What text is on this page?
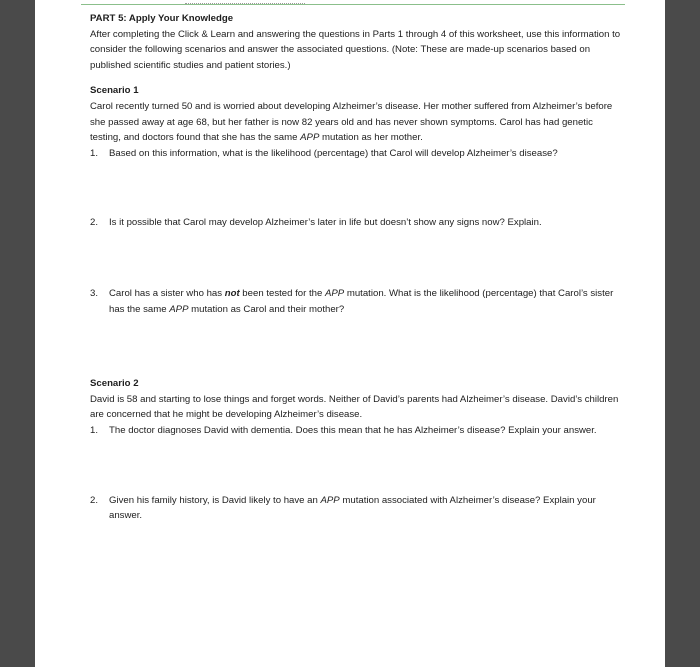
PART 5: Apply Your Knowledge

After completing the Click & Learn and answering the questions in Parts 1 through 4 of this worksheet, use this information to consider the following scenarios and answer the associated questions. (Note: These are made-up scenarios based on published scientific studies and patient stories.)

Scenario 1

Carol recently turned 50 and is worried about developing Alzheimer’s disease. Her mother suffered from Alzheimer’s before she passed away at age 68, but her father is now 82 years old and has never shown symptoms. Carol has had genetic testing, and doctors found that she has the same APP mutation as her mother.

1.	Based on this information, what is the likelihood (percentage) that Carol will develop Alzheimer’s disease?
2.	Is it possible that Carol may develop Alzheimer’s later in life but doesn’t show any signs now? Explain.
3.	Carol has a sister who has not been tested for the APP mutation. What is the likelihood (percentage) that Carol’s sister has the same APP mutation as Carol and their mother?

Scenario 2

David is 58 and starting to lose things and forget words. Neither of David’s parents had Alzheimer’s disease. David’s children are concerned that he might be developing Alzheimer’s disease.

1.	The doctor diagnoses David with dementia. Does this mean that he has Alzheimer’s disease? Explain your answer.
2.	Given his family history, is David likely to have an APP mutation associated with Alzheimer’s disease? Explain your answer.
